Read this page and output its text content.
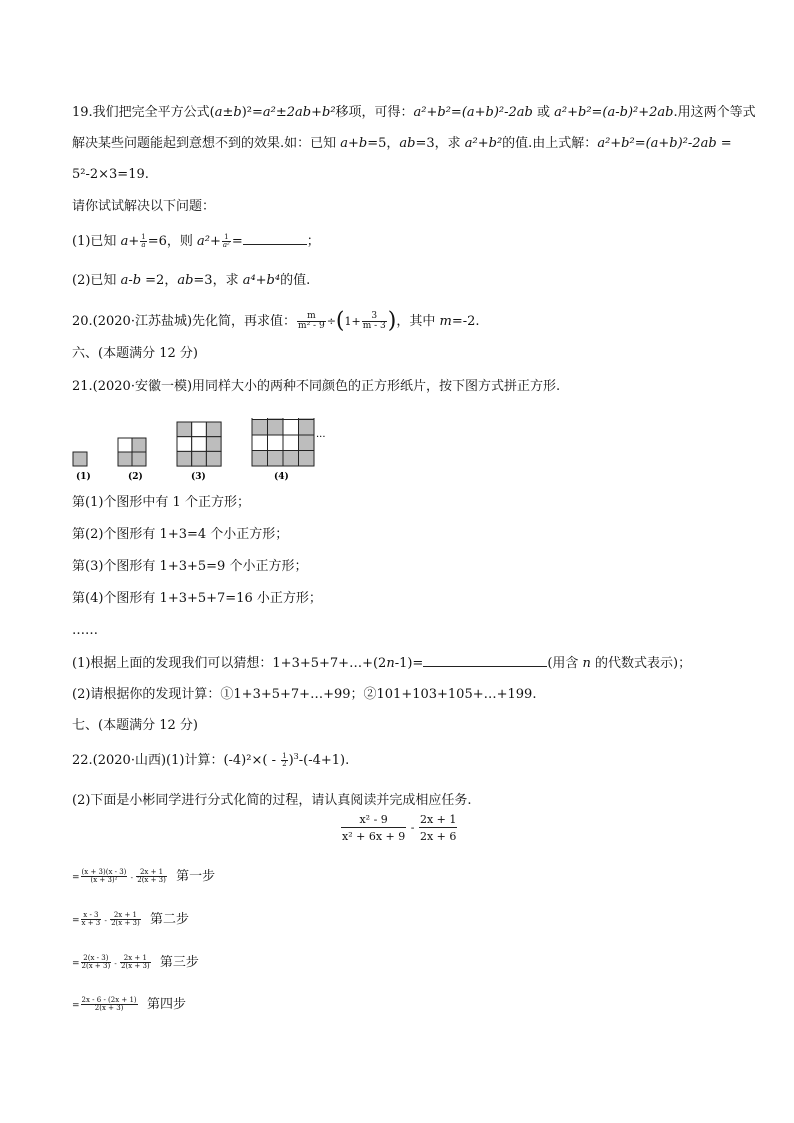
19.我们把完全平方公式(a±b)²=a²±2ab+b²移项，可得：a²+b²=(a+b)²-2ab 或 a²+b²=(a-b)²+2ab.用这两个等式
解决某些问题能起到意想不到的效果.如：已知 a+b=5，ab=3，求 a²+b²的值.由上式解：a²+b²=(a+b)²-2ab =
5²-2×3=19.
请你试试解决以下问题：
(1)已知 $a+ \frac{1}{a} =6$，则 $a^2+ \frac{1}{\text{a²}}$ =	；
(2)已知 a-b =2，ab=3，求 a⁴+b⁴的值.
20.(2020·江苏盐城)先化简，再求值： $\frac{m}{\text{m² - 9}} \div(1+ \frac{3}{m - 3}$ )，其中 m=-2.
六、(本题满分 12 分)
21.(2020·安徽一模)用同样大小的两种不同颜色的正方形纸片，按下图方式拼正方形.
(1)	(2)	(3)	(4)
···
第(1)个图形中有 1 个正方形；
第(2)个图形有 1+3=4 个小正方形；
第(3)个图形有 1+3+5=9 个小正方形；
第(4)个图形有 1+3+5+7=16 小正方形；
……
(1)根据上面的发现我们可以猜想：1+3+5+7+…+(2n-1)=	(用含 n 的代数式表示)；
(2)请根据你的发现计算：①1+3+5+7+…+99；②101+103+105+…+199.
七、(本题满分 12 分)
22.(2020·山西)(1)计算：$(-4)^2\times( - \frac{1}{2} )^3-(-4+1)$.
(2)下面是小彬同学进行分式化简的过程，请认真阅读并完成相应任务.
$\frac{\text{x² - 9}}{\text{x² + 6x + 9}} - \frac{2x + 1}{2x + 6}$
= $\frac{(x + 3)(x - 3)}{\text{(x + 3)²}} - \frac{2x + 1}{2(x + 3)}$ 第一步
= $\frac{x - 3}{x + 3} - \frac{2x + 1}{2(x + 3)}$ 第二步
= $\frac{2(x - 3)}{2(x + 3)} - \frac{2x + 1}{2(x + 3)}$ 第三步
= $\frac{2x - 6 - (2x + 1)}{2(x + 3)}$ 第四步
